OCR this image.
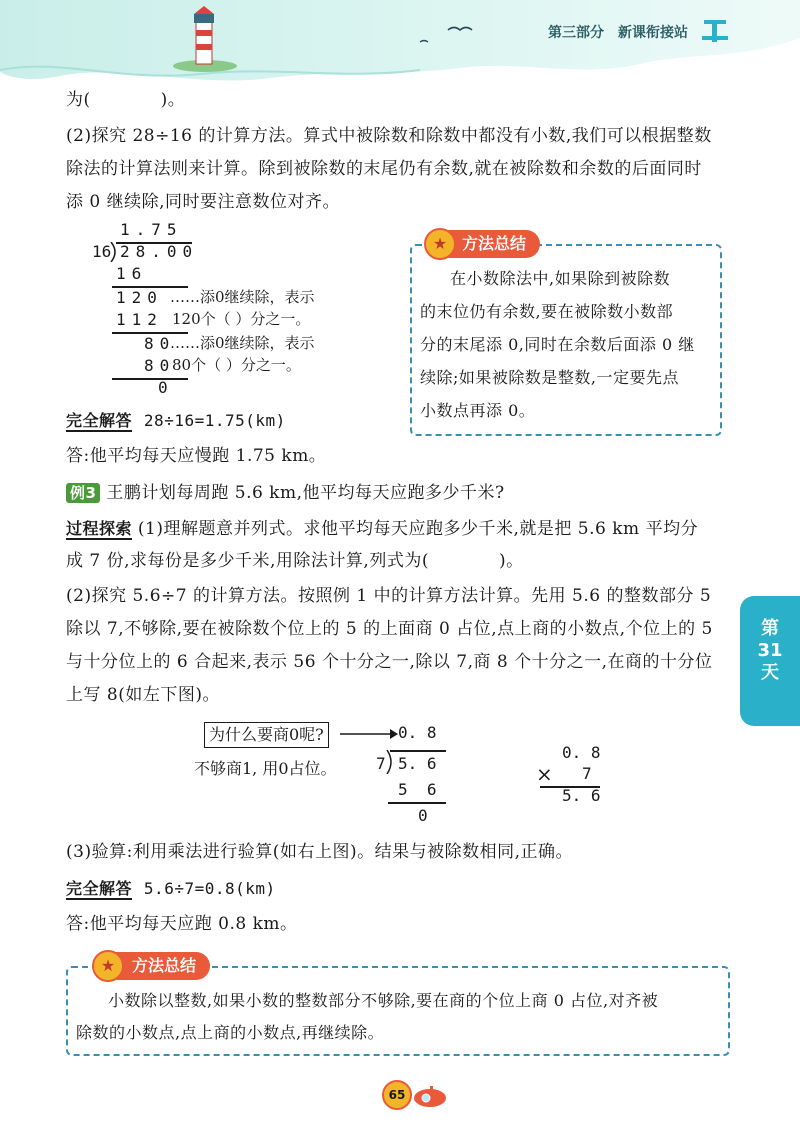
第三部分 新课衔接站
为(　　　　)。
(2)探究 28÷16 的计算方法。算式中被除数和除数中都没有小数,我们可以根据整数
除法的计算法则来计算。除到被除数的末尾仍有余数,就在被除数和余数的后面同时
添 0 继续除,同时要注意数位对齐。
1.75
16 28.00
16
120 ……添0继续除，表示
112 120个（ ）分之一。
80
……添0继续除，表示
80
80个（ ）分之一。
0
方法总结
★
在小数除法中,如果除到被除数
的末位仍有余数,要在被除数小数部
分的末尾添 0,同时在余数后面添 0 继
续除;如果被除数是整数,一定要先点
小数点再添 0。
完全解答 28÷16=1.75(km)
答:他平均每天应慢跑 1.75 km。
例3 王鹏计划每周跑 5.6 km,他平均每天应跑多少千米?
过程探索 (1)理解题意并列式。求他平均每天应跑多少千米,就是把 5.6 km 平均分
成 7 份,求每份是多少千米,用除法计算,列式为(　　　　)。
(2)探究 5.6÷7 的计算方法。按照例 1 中的计算方法计算。先用 5.6 的整数部分 5
除以 7,不够除,要在被除数个位上的 5 的上面商 0 占位,点上商的小数点,个位上的 5
与十分位上的 6 合起来,表示 56 个十分之一,除以 7,商 8 个十分之一,在商的十分位
上写 8(如左下图)。
第
31
天
为什么要商0呢?	0. 8
不够商1, 用0占位。 7 5. 6
5  6
0
0. 8
× 7
5. 6
(3)验算:利用乘法进行验算(如右上图)。结果与被除数相同,正确。
完全解答 5.6÷7=0.8(km)
答:他平均每天应跑 0.8 km。
方法总结
★
小数除以整数,如果小数的整数部分不够除,要在商的个位上商 0 占位,对齐被
除数的小数点,点上商的小数点,再继续除。
65
